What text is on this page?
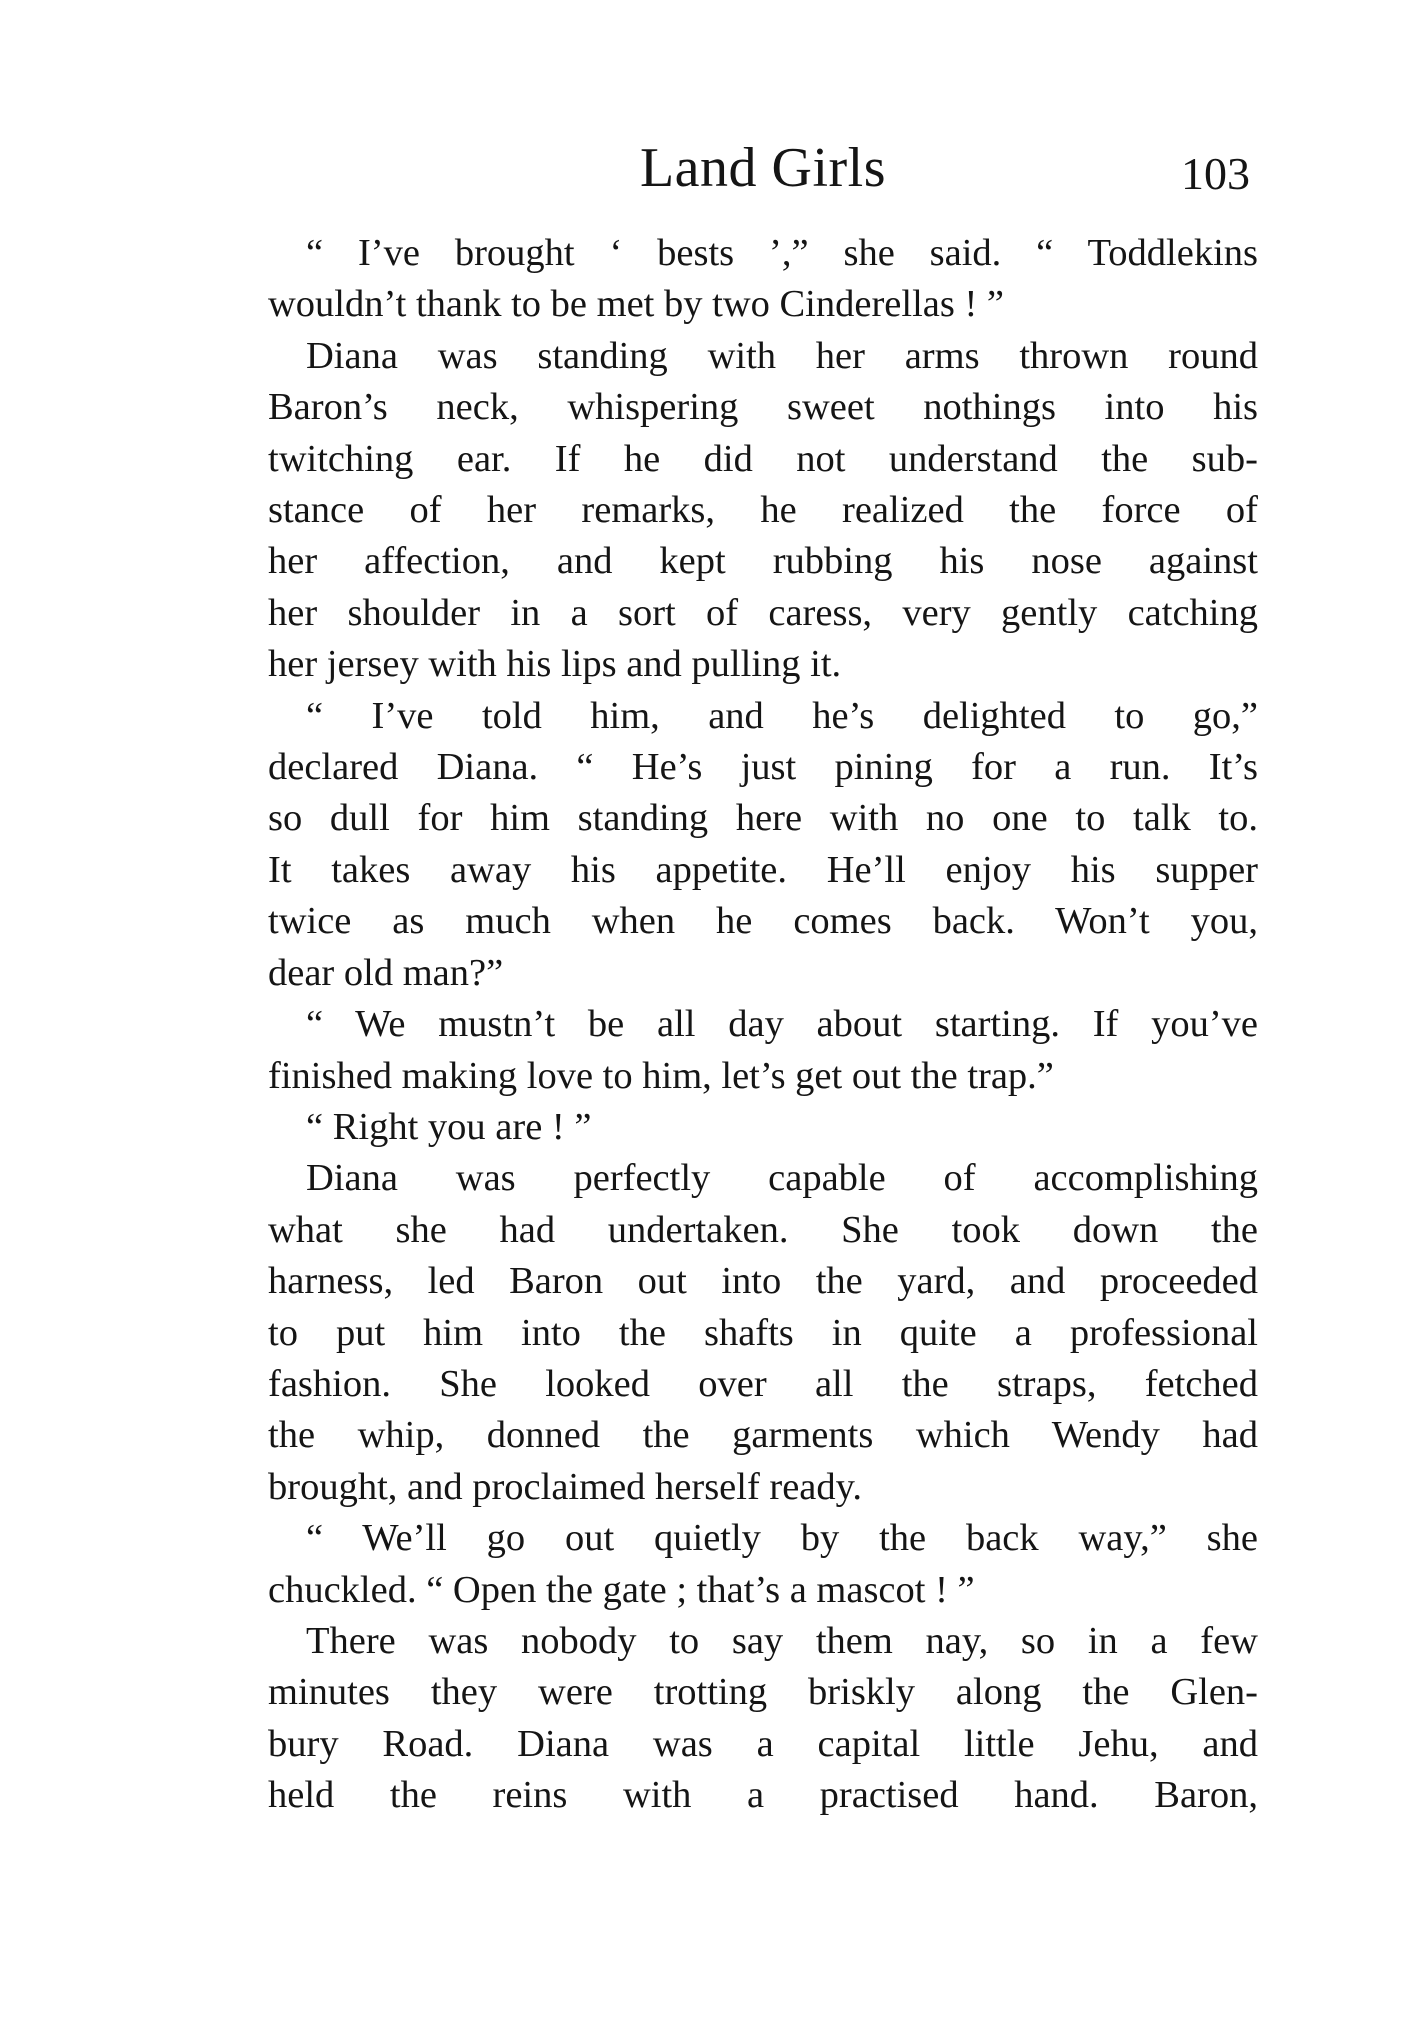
Land Girls	103

“ I’ve brought ‘ bests ’,” she said. “ Toddlekins
wouldn’t thank to be met by two Cinderellas ! ”

Diana was standing with her arms thrown round
Baron’s neck, whispering sweet nothings into his
twitching ear. If he did not understand the sub-
stance of her remarks, he realized the force of
her affection, and kept rubbing his nose against
her shoulder in a sort of caress, very gently catching
her jersey with his lips and pulling it.

“ I’ve told him, and he’s delighted to go,”
declared Diana. “ He’s just pining for a run. It’s
so dull for him standing here with no one to talk to.
It takes away his appetite. He’ll enjoy his supper
twice as much when he comes back. Won’t you,
dear old man?”

“ We mustn’t be all day about starting. If you’ve
finished making love to him, let’s get out the trap.”

“ Right you are ! ”

Diana was perfectly capable of accomplishing
what she had undertaken. She took down the
harness, led Baron out into the yard, and proceeded
to put him into the shafts in quite a professional
fashion. She looked over all the straps, fetched
the whip, donned the garments which Wendy had
brought, and proclaimed herself ready.

“ We’ll go out quietly by the back way,” she
chuckled. “ Open the gate ; that’s a mascot ! ”

There was nobody to say them nay, so in a few
minutes they were trotting briskly along the Glen-
bury Road. Diana was a capital little Jehu, and
held the reins with a practised hand. Baron,
